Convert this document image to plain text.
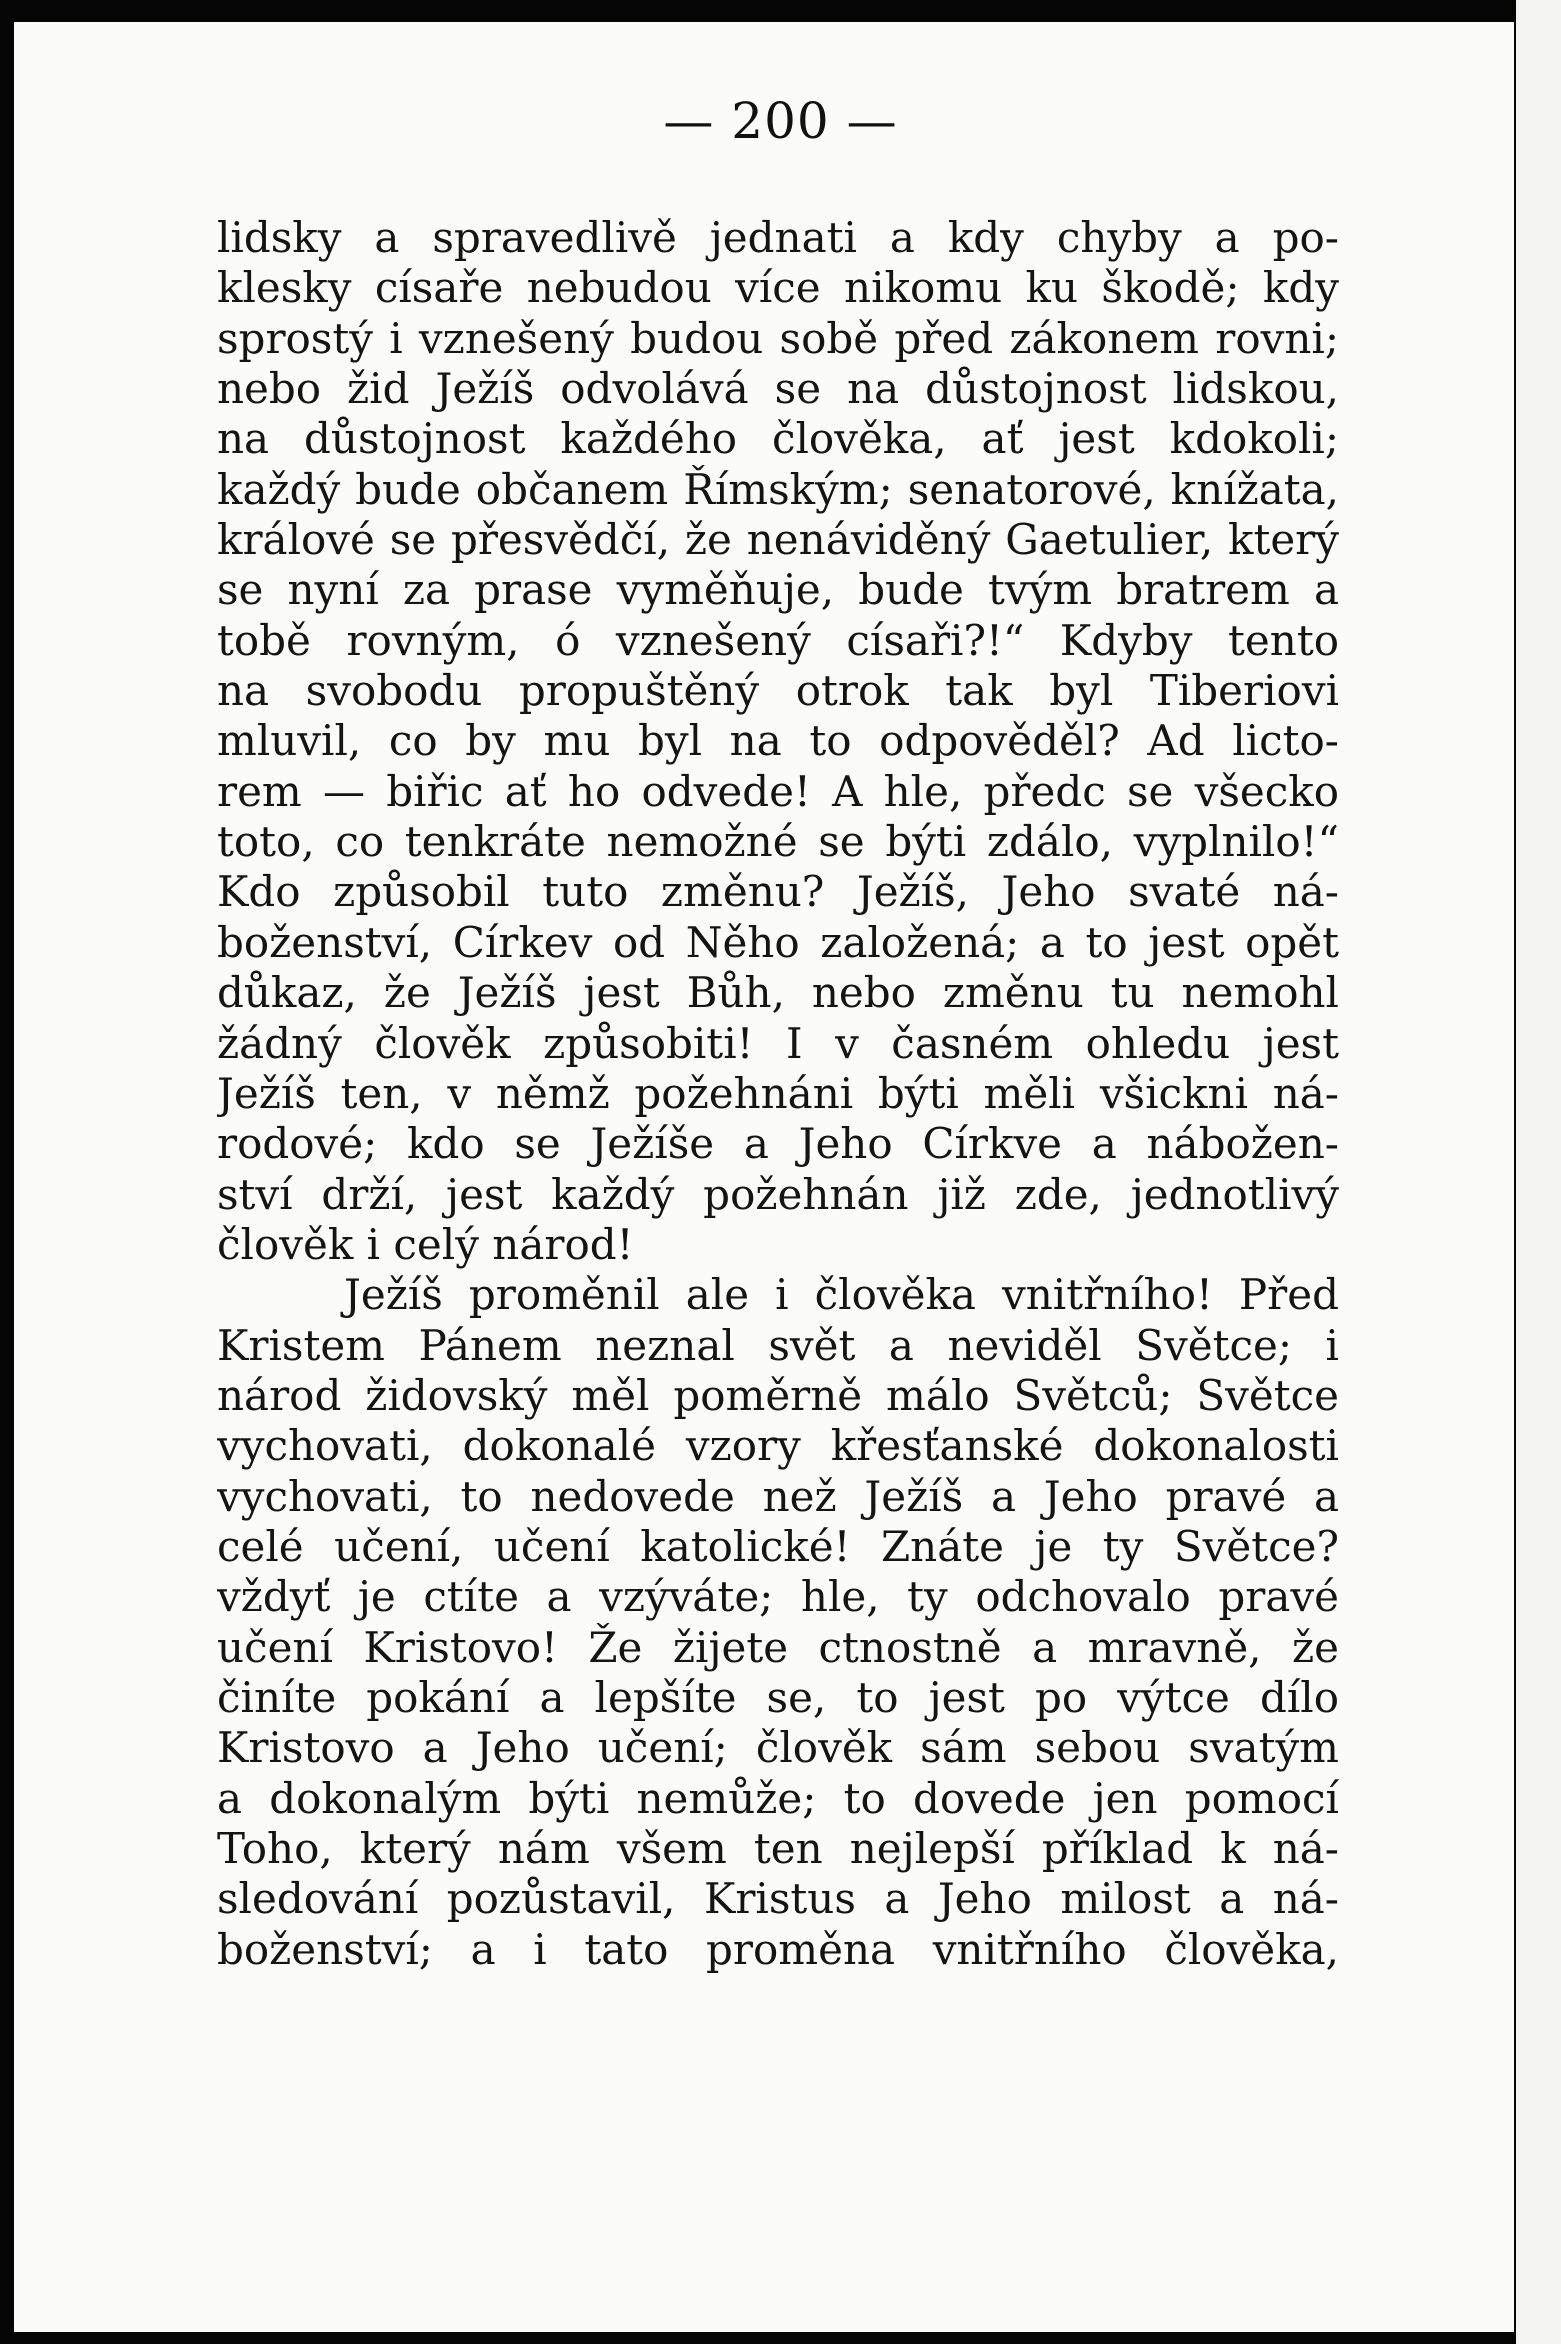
— 200 —
lidsky a spravedlivě jednati a kdy chyby a po-
klesky císaře nebudou více nikomu ku škodě; kdy
sprostý i vznešený budou sobě před zákonem rovni;
nebo žid Ježíš odvolává se na důstojnost lidskou,
na důstojnost každého člověka, ať jest kdokoli;
každý bude občanem Římským; senatorové, knížata,
králové se přesvědčí, že nenáviděný Gaetulier, který
se nyní za prase vyměňuje, bude tvým bratrem a
tobě rovným, ó vznešený císaři?!“ Kdyby tento
na svobodu propuštěný otrok tak byl Tiberiovi
mluvil, co by mu byl na to odpověděl? Ad licto-
rem — biřic ať ho odvede! A hle, předc se všecko
toto, co tenkráte nemožné se býti zdálo, vyplnilo!“
Kdo způsobil tuto změnu? Ježíš, Jeho svaté ná-
boženství, Církev od Něho založená; a to jest opět
důkaz, že Ježíš jest Bůh, nebo změnu tu nemohl
žádný člověk způsobiti! I v časném ohledu jest
Ježíš ten, v němž požehnáni býti měli všickni ná-
rodové; kdo se Ježíše a Jeho Církve a nábožen-
ství drží, jest každý požehnán již zde, jednotlivý
člověk i celý národ!
Ježíš proměnil ale i člověka vnitřního! Před
Kristem Pánem neznal svět a neviděl Světce; i
národ židovský měl poměrně málo Světců; Světce
vychovati, dokonalé vzory křesťanské dokonalosti
vychovati, to nedovede než Ježíš a Jeho pravé a
celé učení, učení katolické! Znáte je ty Světce?
vždyť je ctíte a vzýváte; hle, ty odchovalo pravé
učení Kristovo! Že žijete ctnostně a mravně, že
činíte pokání a lepšíte se, to jest po výtce dílo
Kristovo a Jeho učení; člověk sám sebou svatým
a dokonalým býti nemůže; to dovede jen pomocí
Toho, který nám všem ten nejlepší příklad k ná-
sledování pozůstavil, Kristus a Jeho milost a ná-
boženství; a i tato proměna vnitřního člověka,
